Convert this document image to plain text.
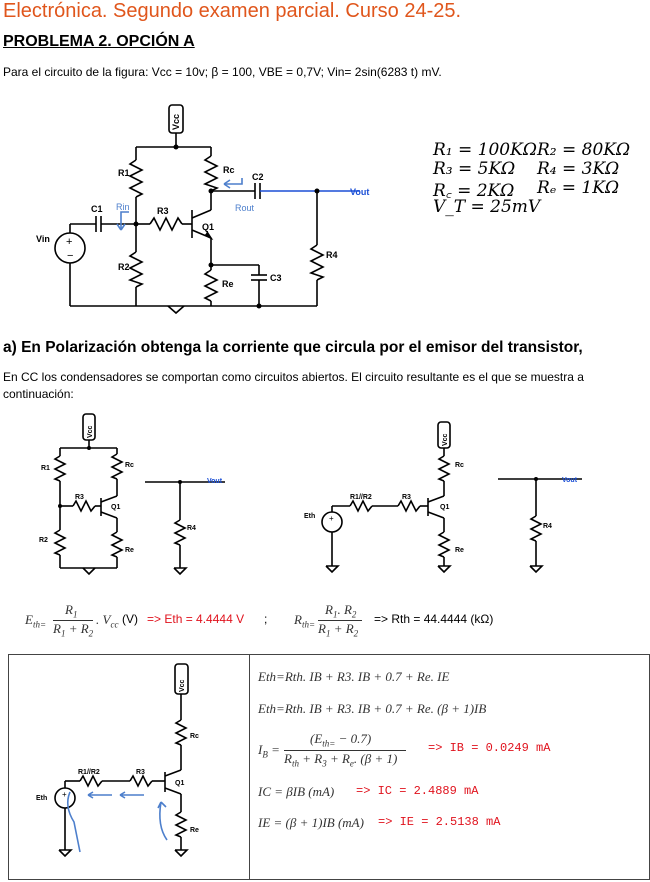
Electrónica. Segundo examen parcial. Curso 24-25.
PROBLEMA 2. OPCIÓN A
Para el circuito de la figura: Vcc = 10v; β = 100, VBE = 0,7V; Vin= 2sin(6283 t) mV.
Vcc
R1	Rc
C2
Vout
Rout
R4
Q1
R3
C1 Rin
+
−
Vin
R2
Re
C3
R₁ = 100KΩ R₂ = 80KΩ
R₃ = 5KΩ R₄ = 3KΩ
R꜀ = 2KΩ Rₑ = 1KΩ
V_T = 25mV
a) En Polarización obtenga la corriente que circula por el emisor del transistor,
En CC los condensadores se comportan como circuitos abiertos. El circuito resultante es el que se muestra a continuación:
Vcc
R1	Rc
Q1
R3
R2
Re
Vout
R4
Vcc
Rc
Q1
R1//R2	R3
+
Eth
Re
Vout
R4
$E_{th=}$
$R_1$
$R_1 + R_2$
. $V_{cc}$ (V) => Eth = 4.4444 V ; $R_{th=}$
$R_1$. $R_2$
$R_1 + R_2$
=> Rth = 44.4444 (kΩ)
Vcc
Rc
Q1
R1//R2	R3
+
Eth
Re
Eth=Rth. IB + R3. IB + 0.7 + Re. IE
Eth=Rth. IB + R3. IB + 0.7 + Re. (β + 1)IB
$I_B$ =
$(E_{th=} - 0.7)$
$R_{th} + R_3 + R_e$. (β + 1)
=> IB = 0.0249 mA
IC = βIB (mA) => IC = 2.4889 mA
IE = (β + 1)IB (mA) => IE = 2.5138 mA
